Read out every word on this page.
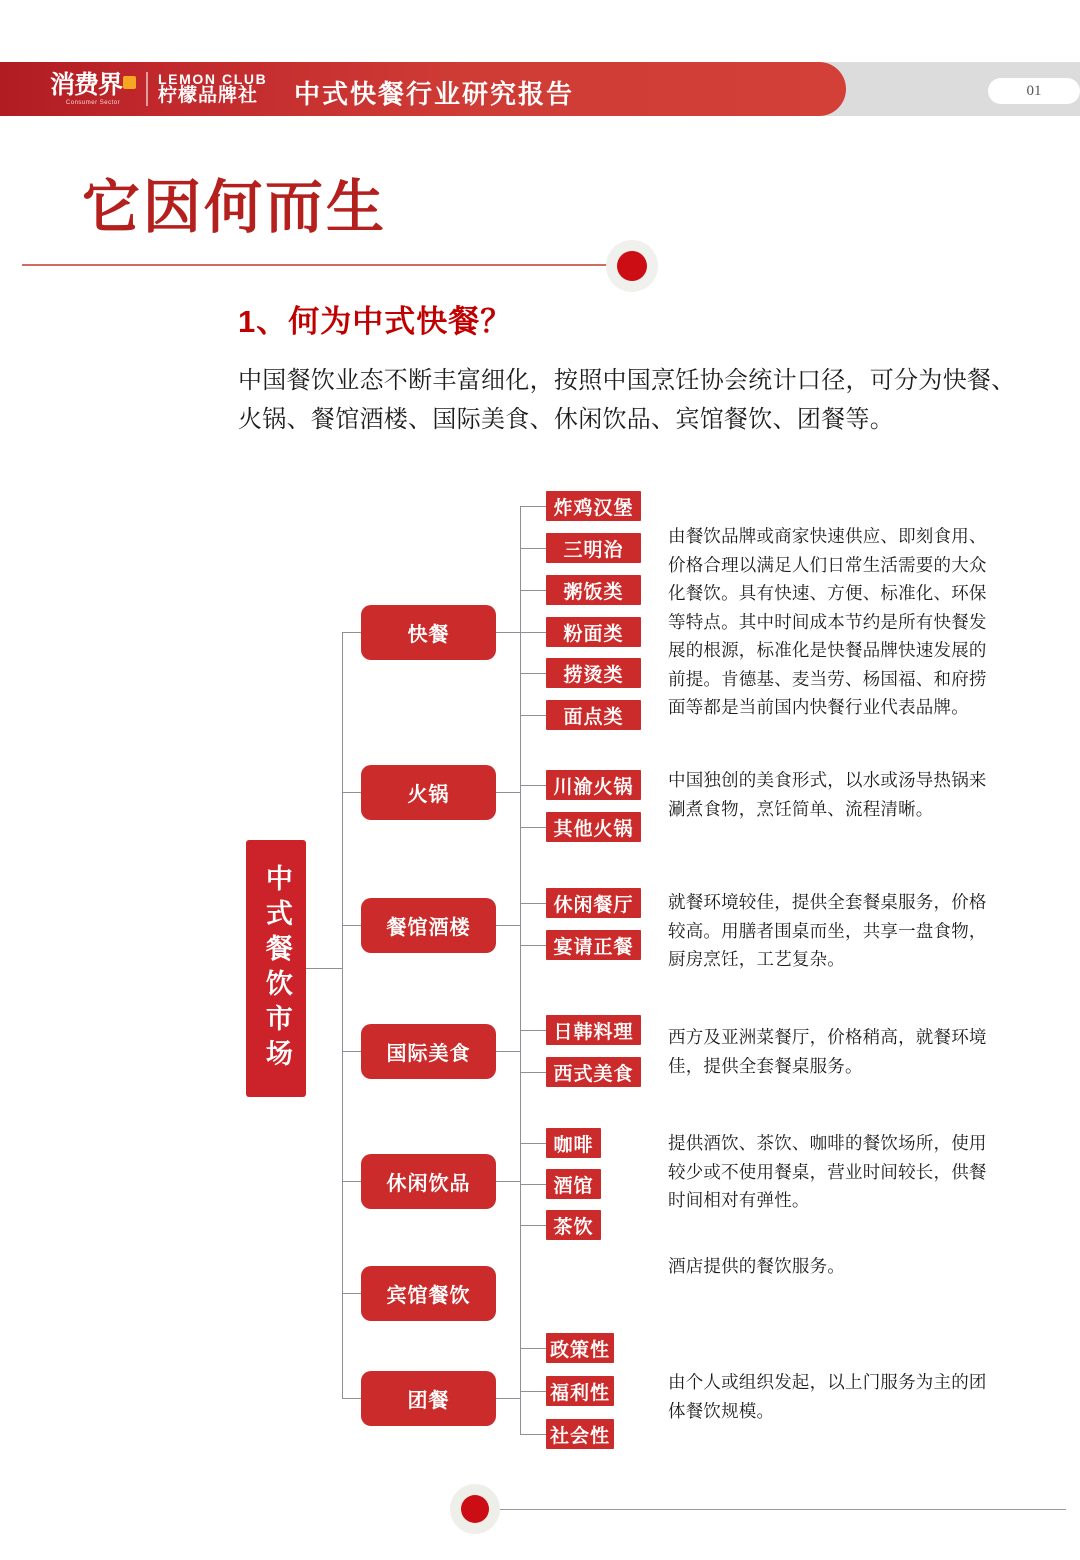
消费界
Consumer Sector
LEMON CLUB
柠檬品牌社	中式快餐行业研究报告	01
它因何而生
1、何为中式快餐？
中国餐饮业态不断丰富细化，按照中国烹饪协会统计口径，可分为快餐、火锅、餐馆酒楼、国际美食、休闲饮品、宾馆餐饮、团餐等。
中式餐饮市场
快餐
炸鸡汉堡
三明治
粥饭类
粉面类
捞烫类
面点类
由餐饮品牌或商家快速供应、即刻食用、价格合理以满足人们日常生活需要的大众化餐饮。具有快速、方便、标准化、环保等特点。其中时间成本节约是所有快餐发展的根源，标准化是快餐品牌快速发展的前提。肯德基、麦当劳、杨国福、和府捞面等都是当前国内快餐行业代表品牌。
火锅	川渝火锅
其他火锅
中国独创的美食形式，以水或汤导热锅来涮煮食物，烹饪简单、流程清晰。
餐馆酒楼
休闲餐厅
宴请正餐
就餐环境较佳，提供全套餐桌服务，价格较高。用膳者围桌而坐，共享一盘食物，厨房烹饪，工艺复杂。
国际美食
日韩料理
西式美食
西方及亚洲菜餐厅，价格稍高，就餐环境佳，提供全套餐桌服务。
休闲饮品
咖啡
酒馆
茶饮
提供酒饮、茶饮、咖啡的餐饮场所，使用较少或不使用餐桌，营业时间较长，供餐时间相对有弹性。
宾馆餐饮
酒店提供的餐饮服务。
团餐
政策性
福利性
社会性
由个人或组织发起，以上门服务为主的团体餐饮规模。
